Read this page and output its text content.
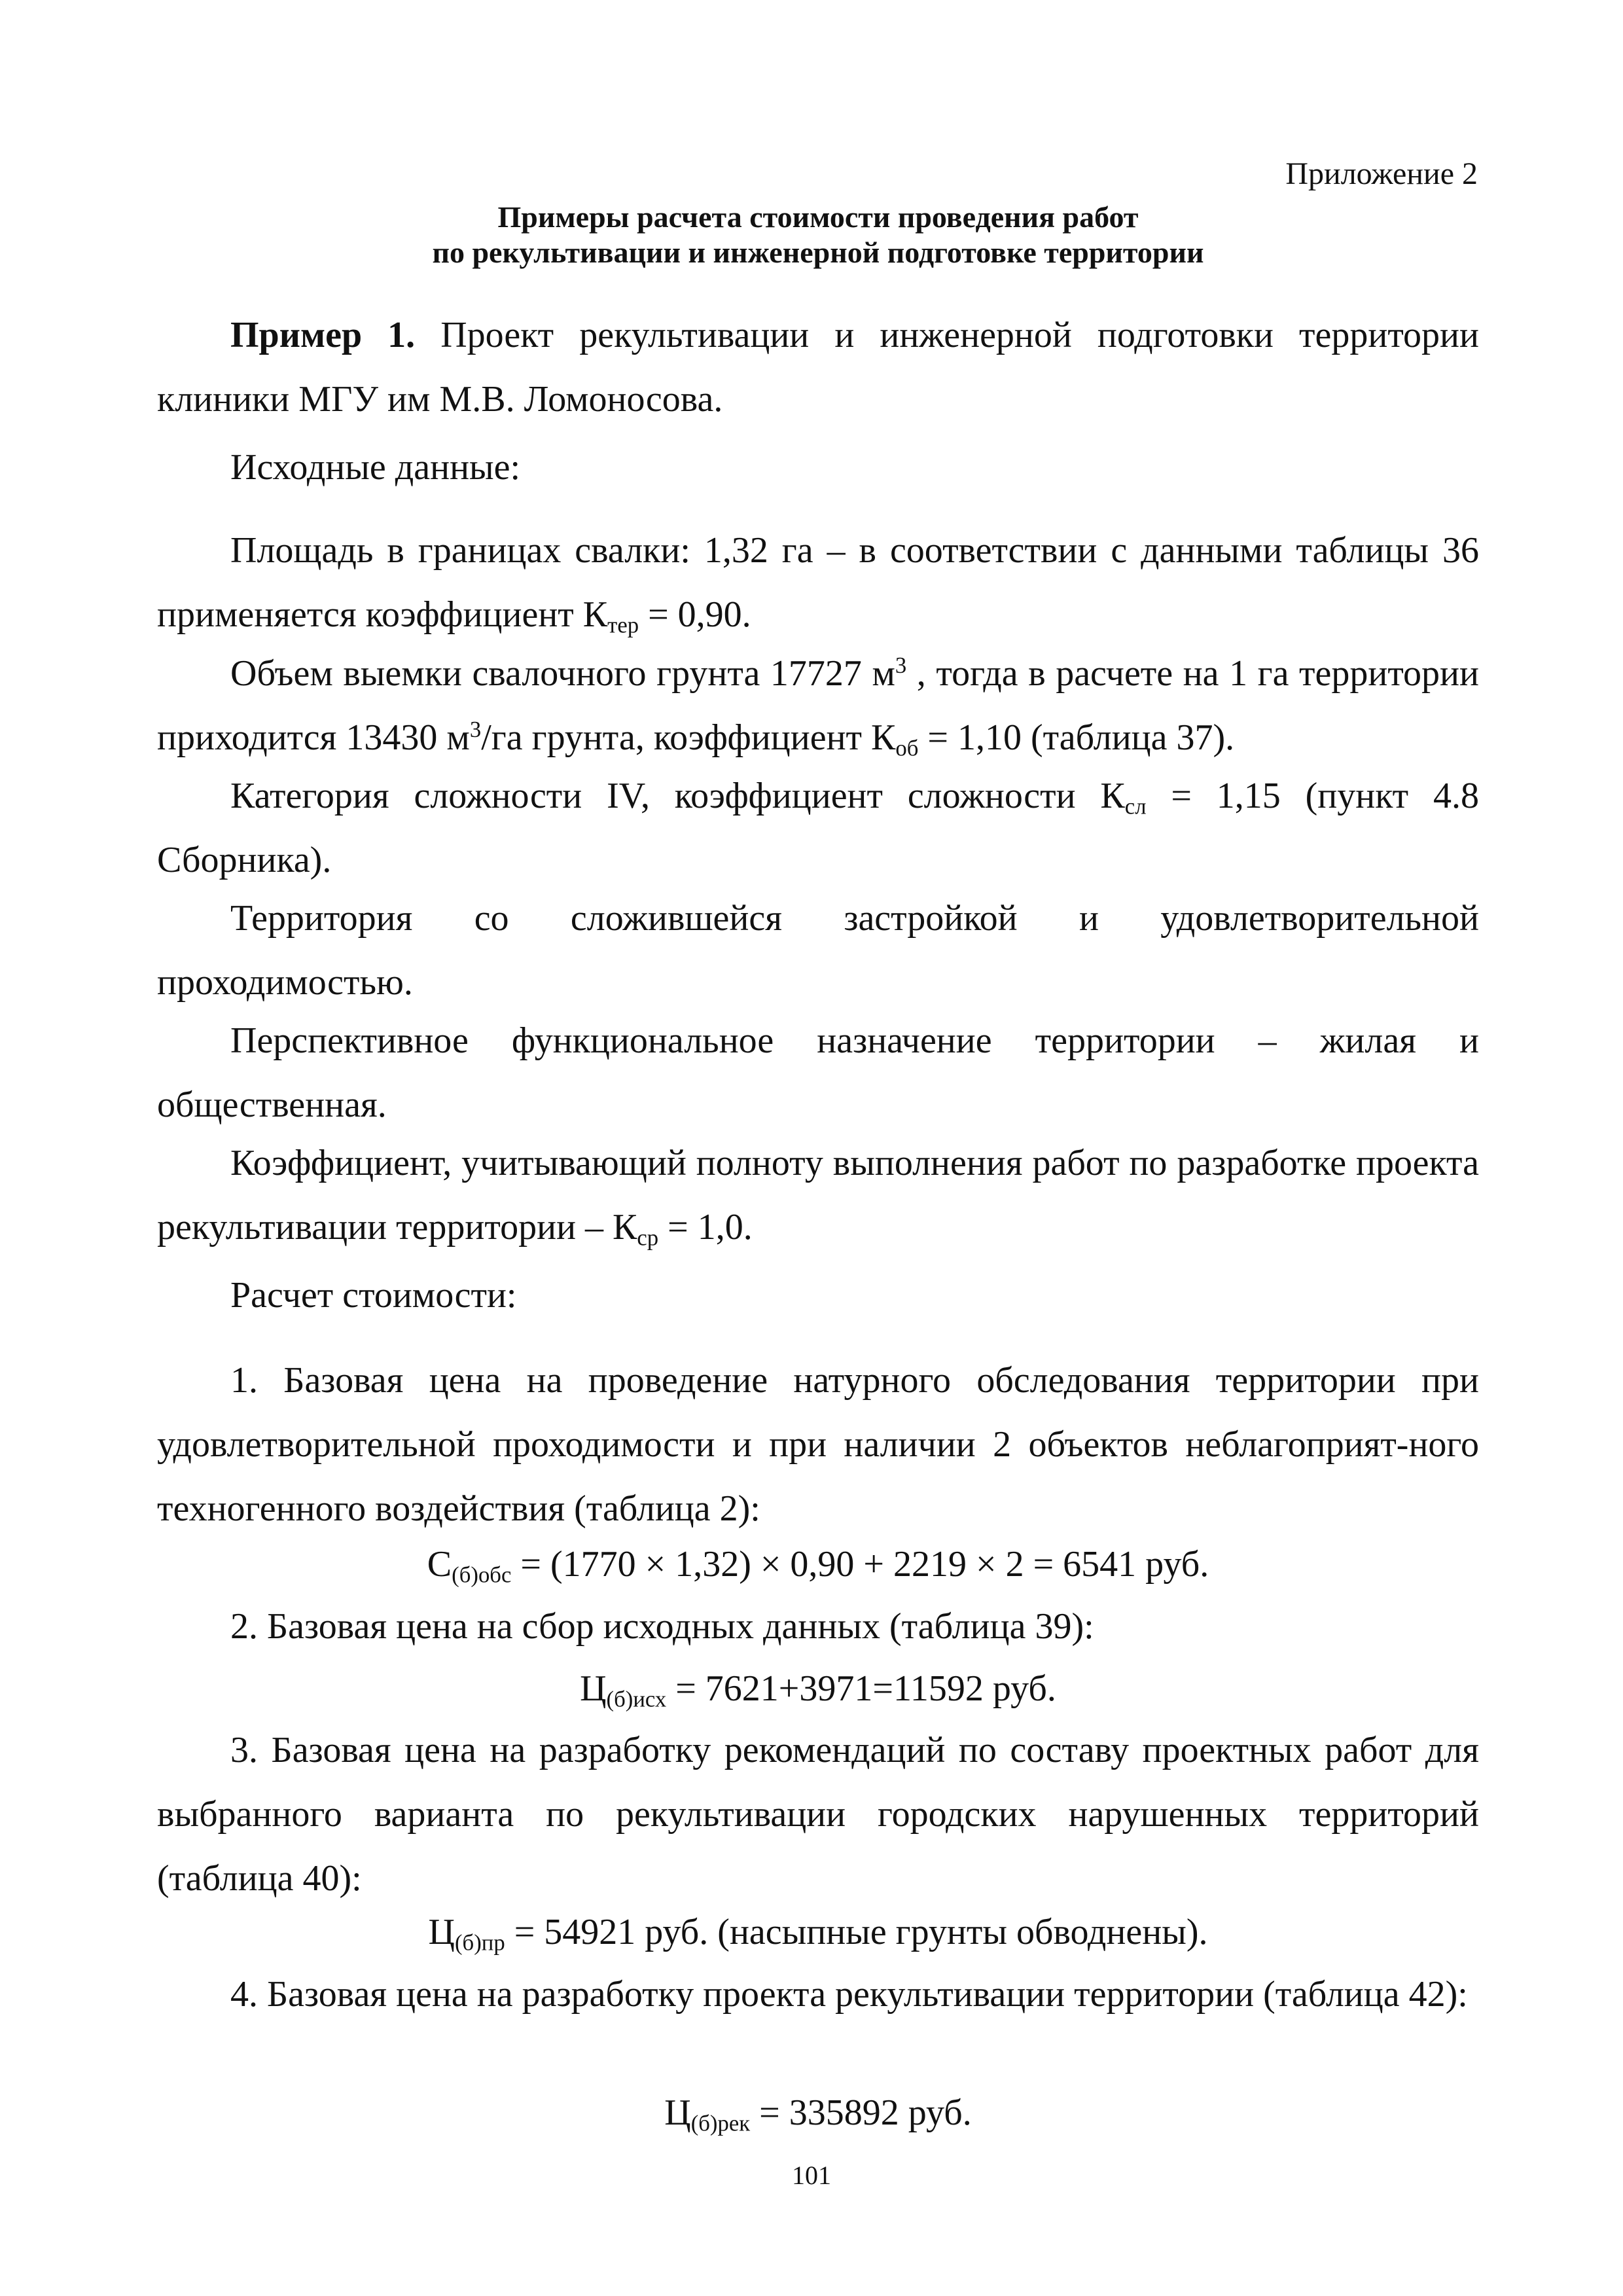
Приложение 2
Примеры расчета стоимости проведения работ
по рекультивации и инженерной подготовке территории
Пример 1. Проект рекультивации и инженерной подготовки территории клиники МГУ им М.В. Ломоносова.
Исходные данные:
Площадь в границах свалки: 1,32 га – в соответствии с данными таблицы 36 применяется коэффициент $К_{тер} = 0,90$.
Объем выемки свалочного грунта 17727 $м^3$ , тогда в расчете на 1 га территории приходится 13430 $м^3/га$ грунта, коэффициент $К_{об} = 1,10$ (таблица 37).
Категория сложности IV, коэффициент сложности $К_{сл} = 1,15$ (пункт 4.8 Сборника).
Территория со сложившейся застройкой и удовлетворительной проходимостью.
Перспективное функциональное назначение территории – жилая и общественная.
Коэффициент, учитывающий полноту выполнения работ по разработке проекта рекультивации территории – $К_{ср} = 1,0$.
Расчет стоимости:
1. Базовая цена на проведение натурного обследования территории при удовлетворительной проходимости и при наличии 2 объектов неблагоприят-ного техногенного воздействия (таблица 2):
$С_{(б)обс} = (1770 \times 1,32) \times 0,90 + 2219 \times 2 = 6541$ руб.
2. Базовая цена на сбор исходных данных (таблица 39):
$Ц_{(б)исх} = 7621+3971=11592$ руб.
3. Базовая цена на разработку рекомендаций по составу проектных работ для выбранного варианта по рекультивации городских нарушенных территорий (таблица 40):
$Ц_{(б)пр} = 54921$ руб. (насыпные грунты обводнены).
4. Базовая цена на разработку проекта рекультивации территории (таблица 42):
$Ц_{(б)рек} = 335892$ руб.
101
